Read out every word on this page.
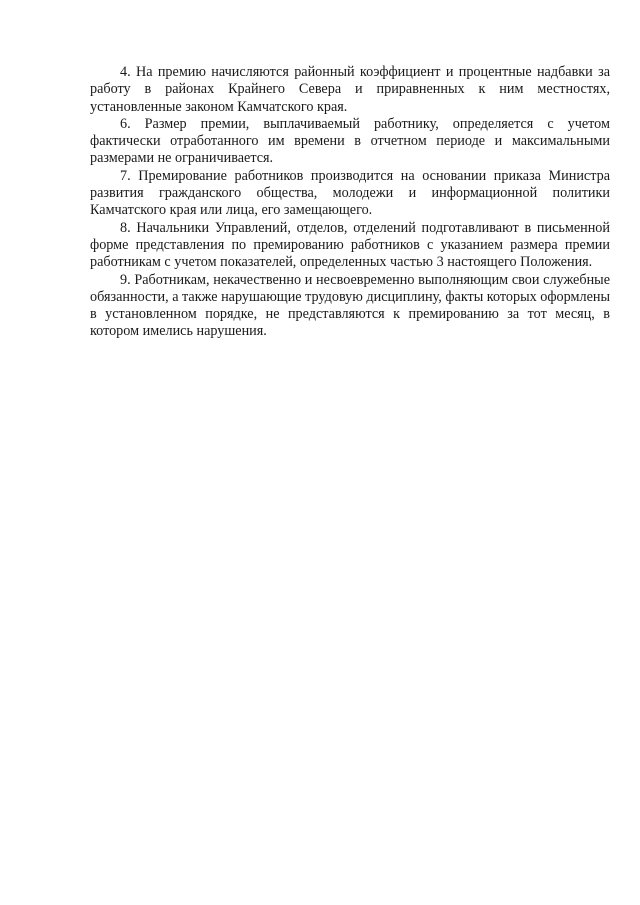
4. На премию начисляются районный коэффициент и процентные надбавки за работу в районах Крайнего Севера и приравненных к ним местностях, установленные законом Камчатского края.

6. Размер премии, выплачиваемый работнику, определяется с учетом фактически отработанного им времени в отчетном периоде и максимальными размерами не ограничивается.

7. Премирование работников производится на основании приказа Министра развития гражданского общества, молодежи и информационной политики Камчатского края или лица, его замещающего.

8. Начальники Управлений, отделов, отделений подготавливают в письменной форме представления по премированию работников с указанием размера премии работникам с учетом показателей, определенных частью 3 настоящего Положения.

9. Работникам, некачественно и несвоевременно выполняющим свои служебные обязанности, а также нарушающие трудовую дисциплину, факты которых оформлены в установленном порядке, не представляются к премированию за тот месяц, в котором имелись нарушения.
